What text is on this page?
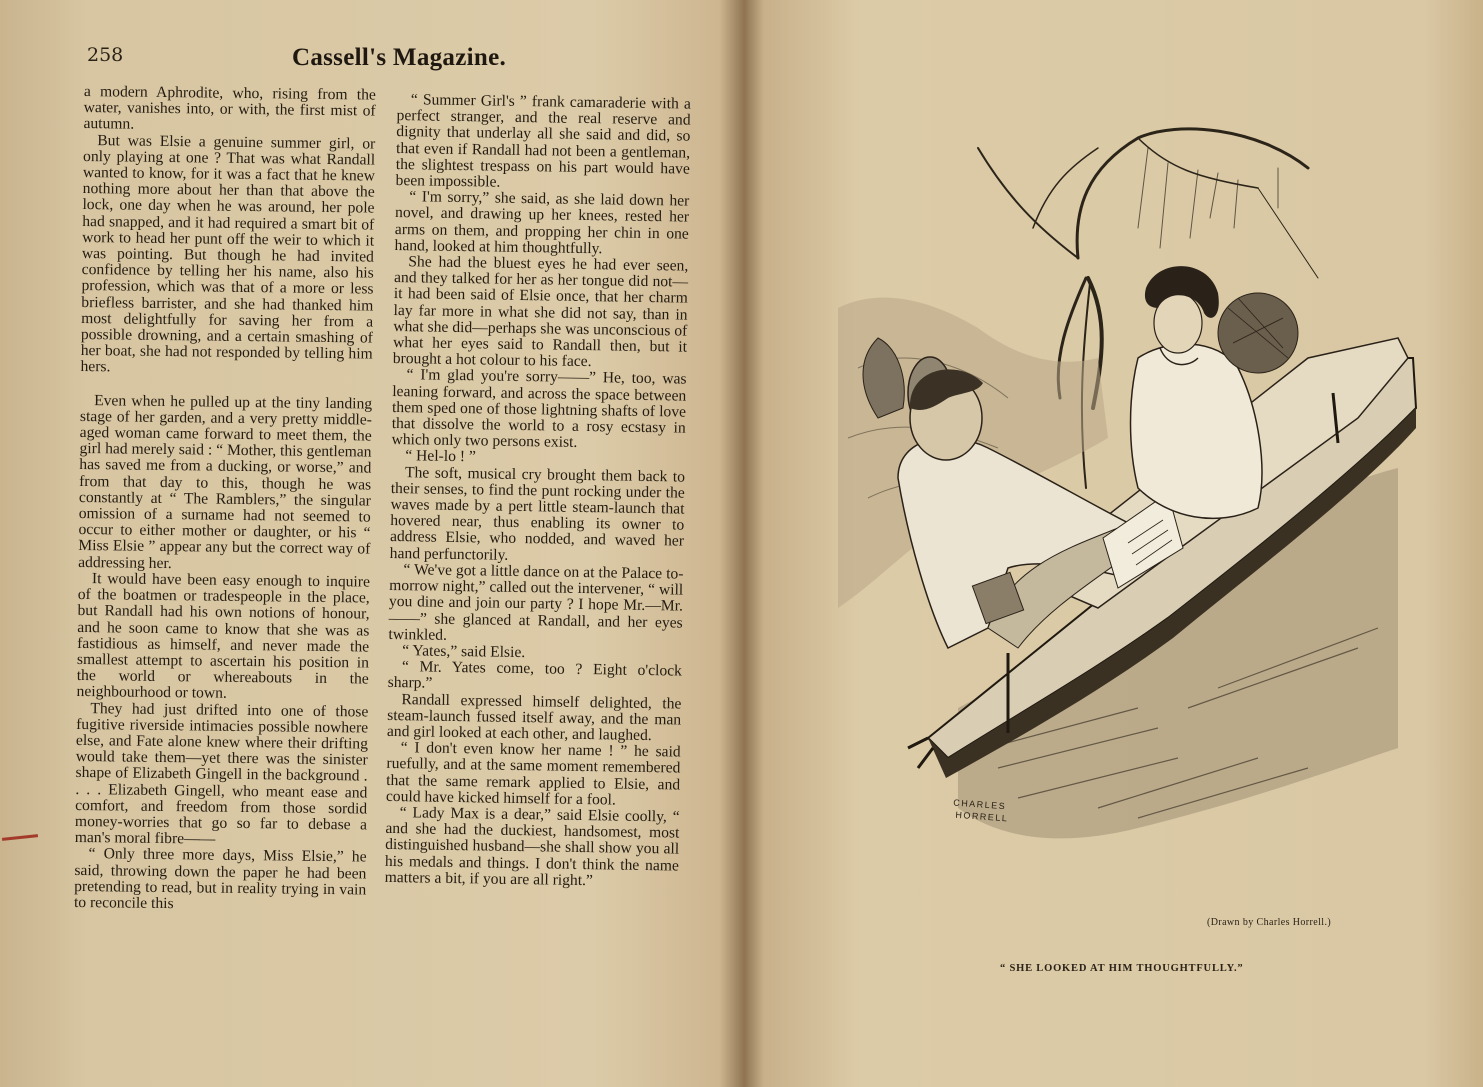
258	Cassell's Magazine.

a modern Aphrodite, who, rising from the water, vanishes into, or with, the first mist of autumn.

But was Elsie a genuine summer girl, or only playing at one ? That was what Randall wanted to know, for it was a fact that he knew nothing more about her than that above the lock, one day when he was around, her pole had snapped, and it had required a smart bit of work to head her punt off the weir to which it was pointing. But though he had invited confidence by telling her his name, also his profession, which was that of a more or less briefless barrister, and she had thanked him most delightfully for saving her from a possible drowning, and a certain smashing of her boat, she had not responded by telling him hers.

Even when he pulled up at the tiny landing stage of her garden, and a very pretty middle-aged woman came forward to meet them, the girl had merely said : “ Mother, this gentleman has saved me from a ducking, or worse,” and from that day to this, though he was constantly at “ The Ramblers,” the singular omission of a surname had not seemed to occur to either mother or daughter, or his “ Miss Elsie ” appear any but the correct way of addressing her.

It would have been easy enough to inquire of the boatmen or tradespeople in the place, but Randall had his own notions of honour, and he soon came to know that she was as fastidious as himself, and never made the smallest attempt to ascertain his position in the world or whereabouts in the neighbourhood or town.

They had just drifted into one of those fugitive riverside intimacies possible nowhere else, and Fate alone knew where their drifting would take them—yet there was the sinister shape of Elizabeth Gingell in the background . . . . Elizabeth Gingell, who meant ease and comfort, and freedom from those sordid money-worries that go so far to debase a man's moral fibre——

“ Only three more days, Miss Elsie,” he said, throwing down the paper he had been pretending to read, but in reality trying in vain to reconcile this

“ Summer Girl's ” frank camaraderie with a perfect stranger, and the real reserve and dignity that underlay all she said and did, so that even if Randall had not been a gentleman, the slightest trespass on his part would have been impossible.

“ I'm sorry,” she said, as she laid down her novel, and drawing up her knees, rested her arms on them, and propping her chin in one hand, looked at him thoughtfully.

She had the bluest eyes he had ever seen, and they talked for her as her tongue did not—it had been said of Elsie once, that her charm lay far more in what she did not say, than in what she did—perhaps she was unconscious of what her eyes said to Randall then, but it brought a hot colour to his face.

“ I'm glad you're sorry——” He, too, was leaning forward, and across the space between them sped one of those lightning shafts of love that dissolve the world to a rosy ecstasy in which only two persons exist.

“ Hel-lo ! ”

The soft, musical cry brought them back to their senses, to find the punt rocking under the waves made by a pert little steam-launch that hovered near, thus enabling its owner to address Elsie, who nodded, and waved her hand perfunctorily.

“ We've got a little dance on at the Palace to-morrow night,” called out the intervener, “ will you dine and join our party ? I hope Mr.—Mr.——” she glanced at Randall, and her eyes twinkled.

“ Yates,” said Elsie.

“ Mr. Yates come, too ? Eight o'clock sharp.”

Randall expressed himself delighted, the steam-launch fussed itself away, and the man and girl looked at each other, and laughed.

“ I don't even know her name ! ” he said ruefully, and at the same moment remembered that the same remark applied to Elsie, and could have kicked himself for a fool.

“ Lady Max is a dear,” said Elsie coolly, “ and she had the duckiest, handsomest, most distinguished husband—she shall show you all his medals and things. I don't think the name matters a bit, if you are all right.”

CHARLES
HORRELL
(Drawn by Charles Horrell.)
“ SHE LOOKED AT HIM THOUGHTFULLY.”
